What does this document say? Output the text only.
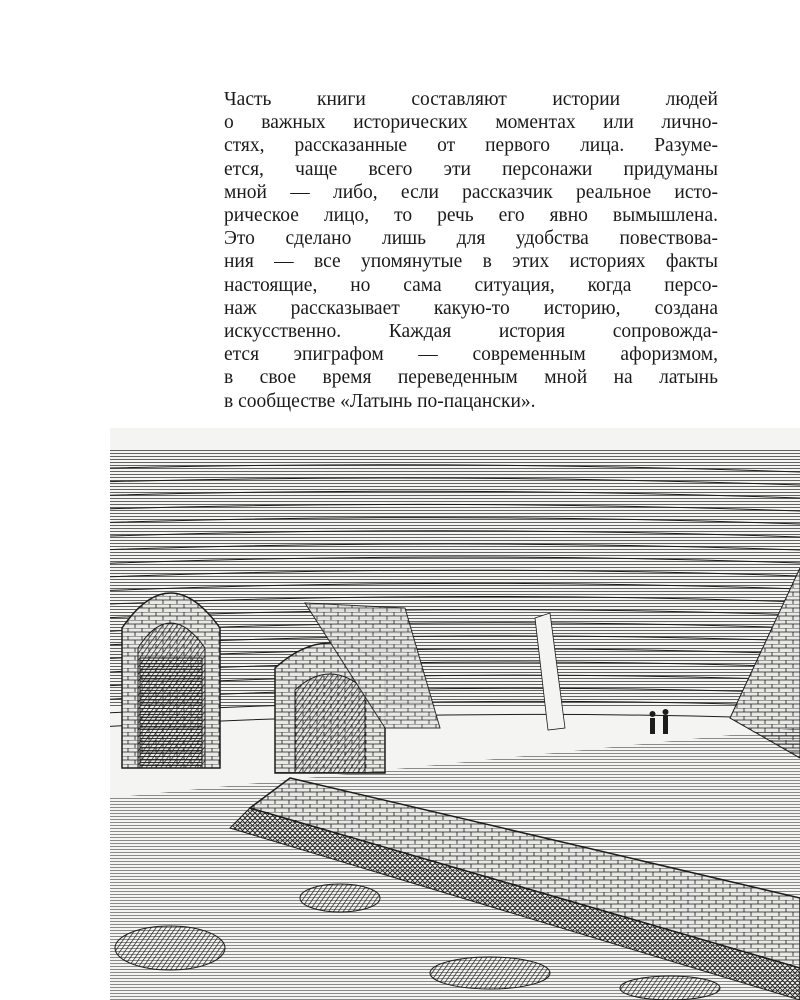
Часть книги составляют истории людей
о важных исторических моментах или лично-
стях, рассказанные от первого лица. Разуме-
ется, чаще всего эти персонажи придуманы
мной — либо, если рассказчик реальное исто-
рическое лицо, то речь его явно вымышлена.
Это сделано лишь для удобства повествова-
ния — все упомянутые в этих историях факты
настоящие, но сама ситуация, когда персо-
наж рассказывает какую-то историю, создана
искусственно. Каждая история сопровожда-
ется эпиграфом — современным афоризмом,
в свое время переведенным мной на латынь
в сообществе «Латынь по-пацански».
